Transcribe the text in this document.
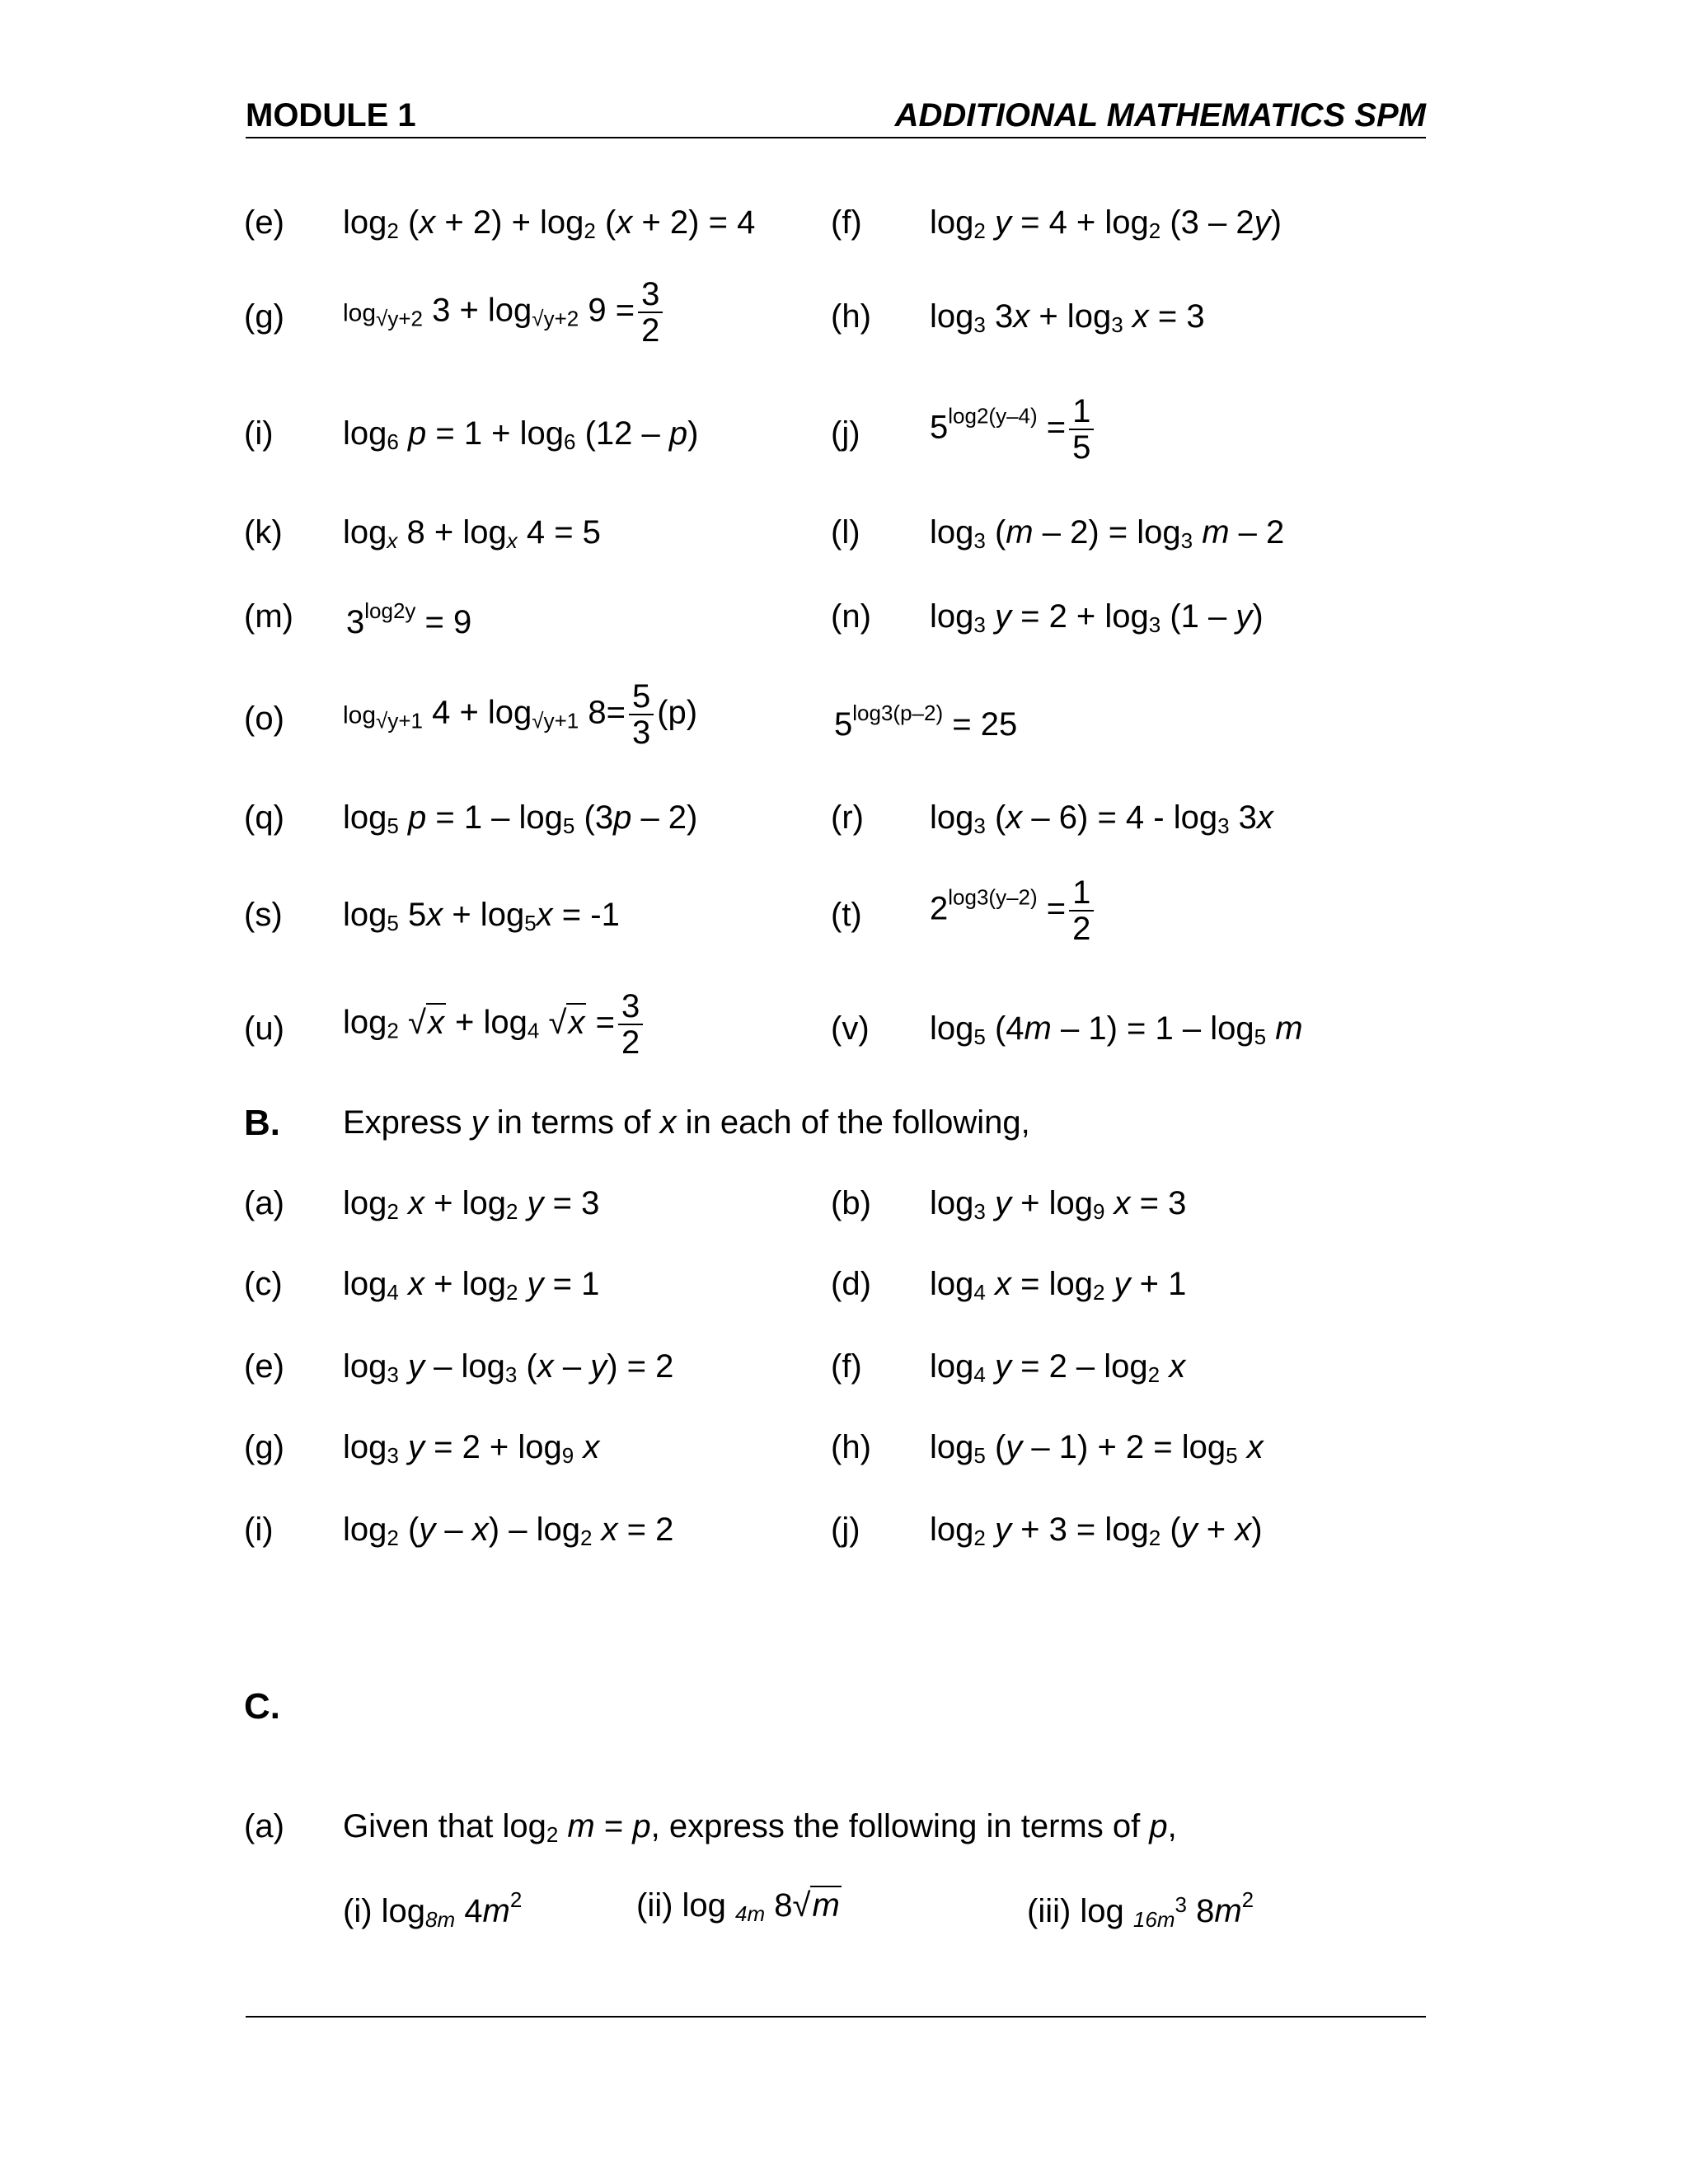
MODULE 1	ADDITIONAL MATHEMATICS SPM
(e) $\log_2 (x + 2) + \log_2 (x + 2) = 4$ (f) $\log_2 y = 4 + \log_2 (3 - 2y)$
(g) $\log_{√y+2} 3 + \log_{√y+2} 9 = \frac{3}{2}$	(h) $\log_3 3x + \log_3 x = 3$
(i) $\log_6 p = 1 + \log_6 (12 - p)$	(j) $5^{log2(y-4)} = \frac{1}{5}$
(k) $\log_x 8 + \log_x 4 = 5$	(l) $\log_3 (m - 2) = \log_3 m - 2$
(m) $3^{log2y} = 9$	(n) $\log_3 y = 2 + \log_3 (1 - y)$
(o) $\log_{√y+1} 4 + \log_{√y+1} 8= \frac{5}{3} (p)$	$5^{log3(p-2)} = 25$
(q) $\log_5 p = 1 - \log_5 (3p - 2)$	(r) $\log_3 (x - 6) = 4 - \log_3 3x$
(s) $\log_5 5x + \log_5x = -1$	(t) $2^{log3(y-2)} = \frac{1}{2}$
(u) $\log_2 √x + \log_4 √x = \frac{3}{2}$	(v) $\log_5 (4m - 1) = 1 - \log_5 m$
B. Express y in terms of x in each of the following,
(a) $\log_2 x + \log_2 y = 3$	(b) $\log_3 y + \log_9 x = 3$
(c) $\log_4 x + \log_2 y = 1$	(d) $\log_4 x = \log_2 y + 1$
(e) $\log_3 y - \log_3 (x - y) = 2$	(f) $\log_4 y = 2 - \log_2 x$
(g) $\log_3 y = 2 + \log_9 x$	(h) $\log_5 (y - 1) + 2 = \log_5 x$
(i) $\log_2 (y - x) - \log_2 x = 2$	(j) $\log_2 y + 3 = \log_2 (y + x)$
C.
(a) Given that $\log_2 m = p$, express the following in terms of p,
(i) $\log_{8m} 4m^2$	(ii) log $_{4m}$ 8√m	(iii) log $_{16m^3}$ $8m^2$
